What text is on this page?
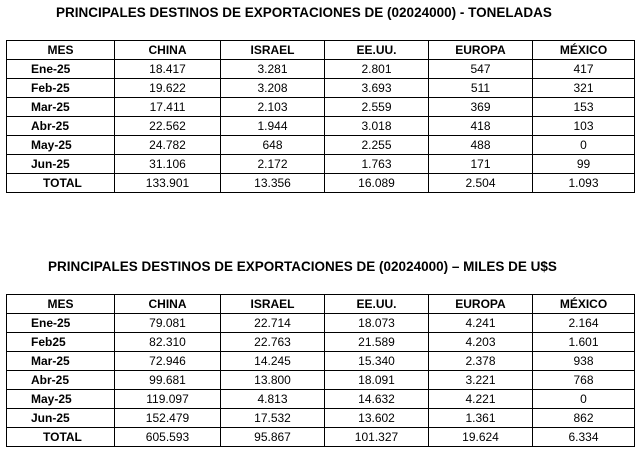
PRINCIPALES DESTINOS DE EXPORTACIONES DE (02024000) - TONELADAS
MES	CHINA	ISRAEL	EE.UU.	EUROPA	MÉXICO
Ene-25	18.417	3.281	2.801	547	417
Feb-25	19.622	3.208	3.693	511	321
Mar-25	17.411	2.103	2.559	369	153
Abr-25	22.562	1.944	3.018	418	103
May-25	24.782	648	2.255	488	0
Jun-25	31.106	2.172	1.763	171	99
TOTAL	133.901	13.356	16.089	2.504	1.093
PRINCIPALES DESTINOS DE EXPORTACIONES DE (02024000) – MILES DE U$S
MES	CHINA	ISRAEL	EE.UU.	EUROPA	MÉXICO
Ene-25	79.081	22.714	18.073	4.241	2.164
Feb25	82.310	22.763	21.589	4.203	1.601
Mar-25	72.946	14.245	15.340	2.378	938
Abr-25	99.681	13.800	18.091	3.221	768
May-25	119.097	4.813	14.632	4.221	0
Jun-25	152.479	17.532	13.602	1.361	862
TOTAL	605.593	95.867	101.327	19.624	6.334
